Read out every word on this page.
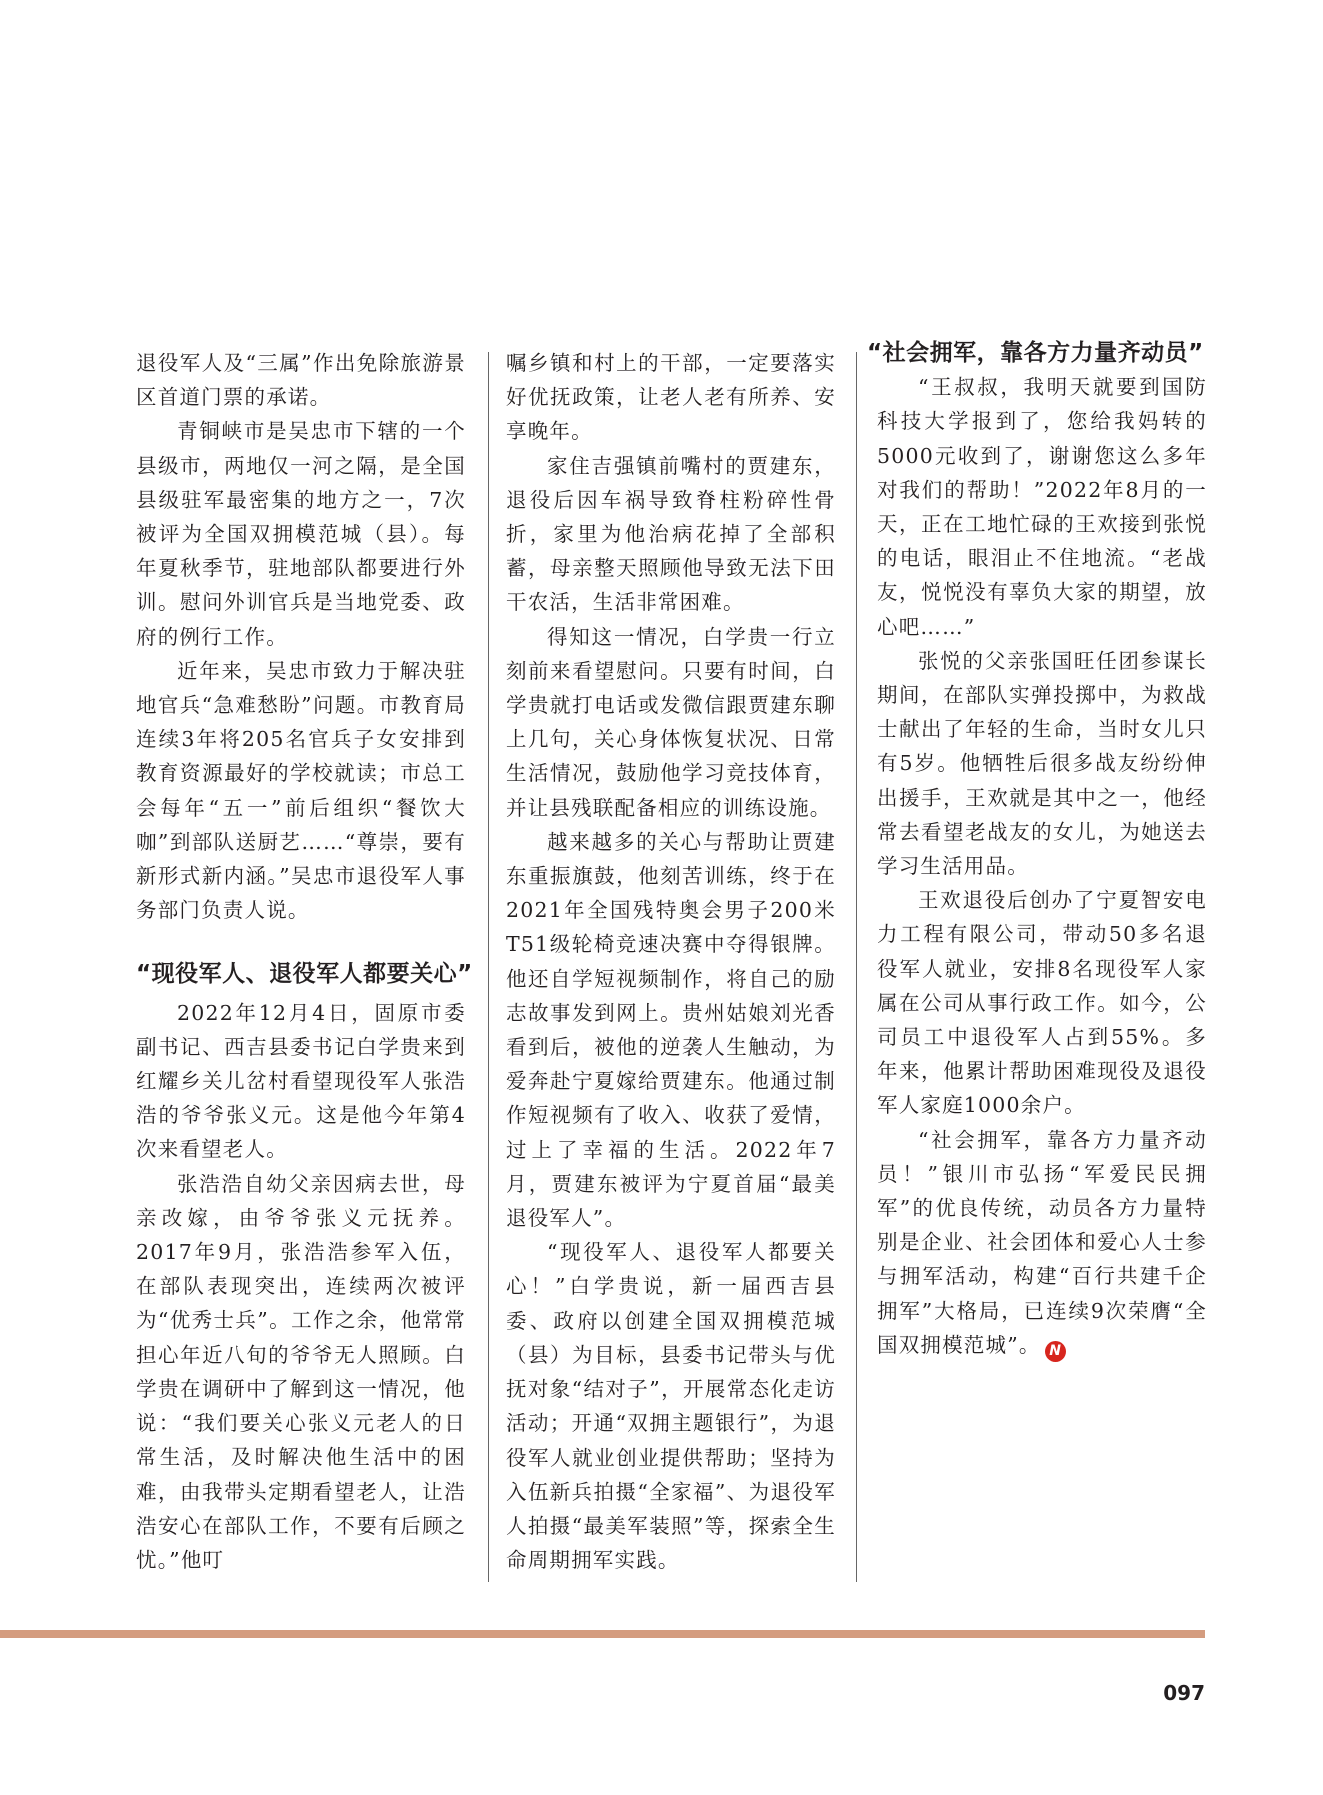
退役军人及“三属”作出免除旅游景区首道门票的承诺。

青铜峡市是吴忠市下辖的一个县级市，两地仅一河之隔，是全国县级驻军最密集的地方之一，7次被评为全国双拥模范城（县）。每年夏秋季节，驻地部队都要进行外训。慰问外训官兵是当地党委、政府的例行工作。

近年来，吴忠市致力于解决驻地官兵“急难愁盼”问题。市教育局连续3年将205名官兵子女安排到教育资源最好的学校就读；市总工会每年“五一”前后组织“餐饮大咖”到部队送厨艺……“尊崇，要有新形式新内涵。”吴忠市退役军人事务部门负责人说。

“现役军人、退役军人都要关心”

2022年12月4日，固原市委副书记、西吉县委书记白学贵来到红耀乡关儿岔村看望现役军人张浩浩的爷爷张义元。这是他今年第4次来看望老人。

张浩浩自幼父亲因病去世，母亲改嫁，由爷爷张义元抚养。2017年9月，张浩浩参军入伍，在部队表现突出，连续两次被评为“优秀士兵”。工作之余，他常常担心年近八旬的爷爷无人照顾。白学贵在调研中了解到这一情况，他说：“我们要关心张义元老人的日常生活，及时解决他生活中的困难，由我带头定期看望老人，让浩浩安心在部队工作，不要有后顾之忧。”他叮

嘱乡镇和村上的干部，一定要落实好优抚政策，让老人老有所养、安享晚年。

家住吉强镇前嘴村的贾建东，退役后因车祸导致脊柱粉碎性骨折，家里为他治病花掉了全部积蓄，母亲整天照顾他导致无法下田干农活，生活非常困难。

得知这一情况，白学贵一行立刻前来看望慰问。只要有时间，白学贵就打电话或发微信跟贾建东聊上几句，关心身体恢复状况、日常生活情况，鼓励他学习竞技体育，并让县残联配备相应的训练设施。

越来越多的关心与帮助让贾建东重振旗鼓，他刻苦训练，终于在2021年全国残特奥会男子200米T51级轮椅竞速决赛中夺得银牌。他还自学短视频制作，将自己的励志故事发到网上。贵州姑娘刘光香看到后，被他的逆袭人生触动，为爱奔赴宁夏嫁给贾建东。他通过制作短视频有了收入、收获了爱情，过上了幸福的生活。2022年7月，贾建东被评为宁夏首届“最美退役军人”。

“现役军人、退役军人都要关心！”白学贵说，新一届西吉县委、政府以创建全国双拥模范城（县）为目标，县委书记带头与优抚对象“结对子”，开展常态化走访活动；开通“双拥主题银行”，为退役军人就业创业提供帮助；坚持为入伍新兵拍摄“全家福”、为退役军人拍摄“最美军装照”等，探索全生命周期拥军实践。

“社会拥军，靠各方力量齐动员”

“王叔叔，我明天就要到国防科技大学报到了，您给我妈转的5000元收到了，谢谢您这么多年对我们的帮助！”2022年8月的一天，正在工地忙碌的王欢接到张悦的电话，眼泪止不住地流。“老战友，悦悦没有辜负大家的期望，放心吧……”

张悦的父亲张国旺任团参谋长期间，在部队实弹投掷中，为救战士献出了年轻的生命，当时女儿只有5岁。他牺牲后很多战友纷纷伸出援手，王欢就是其中之一，他经常去看望老战友的女儿，为她送去学习生活用品。

王欢退役后创办了宁夏智安电力工程有限公司，带动50多名退役军人就业，安排8名现役军人家属在公司从事行政工作。如今，公司员工中退役军人占到55%。多年来，他累计帮助困难现役及退役军人家庭1000余户。

“社会拥军，靠各方力量齐动员！”银川市弘扬“军爱民民拥军”的优良传统，动员各方力量特别是企业、社会团体和爱心人士参与拥军活动，构建“百行共建千企拥军”大格局，已连续9次荣膺“全国双拥模范城”。 N

097
